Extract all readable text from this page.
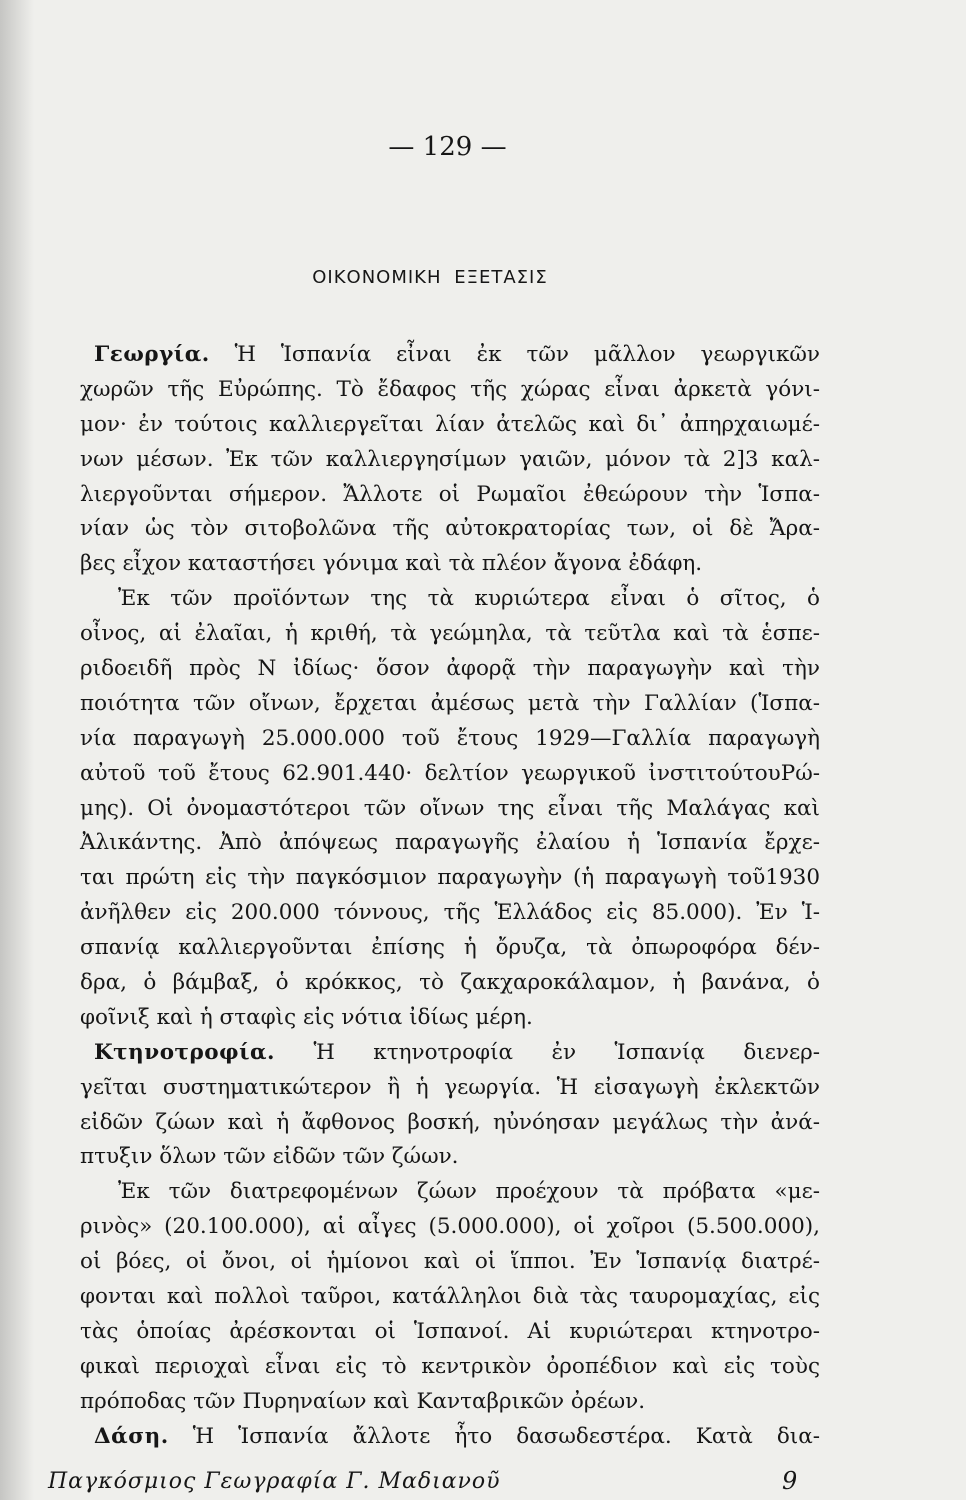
— 129 —
ΟΙΚΟΝΟΜΙΚΗ ΕΞΕΤΑΣΙΣ
Γεωργία. Ἡ Ἱσπανία εἶναι ἐκ τῶν μᾶλλον γεωργικῶν
χωρῶν τῆς Εὐρώπης. Τὸ ἔδαφος τῆς χώρας εἶναι ἀρκετὰ γόνι-
μον· ἐν τούτοις καλλιεργεῖται λίαν ἀτελῶς καὶ δι᾽ ἀπηρχαιωμέ-
νων μέσων. Ἐκ τῶν καλλιεργησίμων γαιῶν, μόνον τὰ 2]3 καλ-
λιεργοῦνται σήμερον. Ἄλλοτε οἱ Ρωμαῖοι ἐθεώρουν τὴν Ἱσπα-
νίαν ὡς τὸν σιτοβολῶνα τῆς αὐτοκρατορίας των, οἱ δὲ Ἄρα-
βες εἶχον καταστήσει γόνιμα καὶ τὰ πλέον ἄγονα ἐδάφη.
Ἐκ τῶν προϊόντων της τὰ κυριώτερα εἶναι ὁ σῖτος, ὁ
οἶνος, αἱ ἐλαῖαι, ἡ κριθή, τὰ γεώμηλα, τὰ τεῦτλα καὶ τὰ ἑσπε-
ριδοειδῆ πρὸς Ν ἰδίως· ὅσον ἀφορᾷ τὴν παραγωγὴν καὶ τὴν
ποιότητα τῶν οἴνων, ἔρχεται ἀμέσως μετὰ τὴν Γαλλίαν (Ἱσπα-
νία παραγωγὴ 25.000.000 τοῦ ἔτους 1929—Γαλλία παραγωγὴ
αὐτοῦ τοῦ ἔτους 62.901.440· δελτίον γεωργικοῦ ἰνστιτούτουΡώ-
μης). Οἱ ὀνομαστότεροι τῶν οἴνων της εἶναι τῆς Μαλάγας καὶ
Ἀλικάντης. Ἀπὸ ἀπόψεως παραγωγῆς ἐλαίου ἡ Ἱσπανία ἔρχε-
ται πρώτη εἰς τὴν παγκόσμιον παραγωγὴν (ἡ παραγωγὴ τοῦ1930
ἀνῆλθεν εἰς 200.000 τόννους, τῆς Ἑλλάδος εἰς 85.000). Ἐν Ἱ-
σπανίᾳ καλλιεργοῦνται ἐπίσης ἡ ὄρυζα, τὰ ὀπωροφόρα δέν-
δρα, ὁ βάμβαξ, ὁ κρόκκος, τὸ ζακχαροκάλαμον, ἡ βανάνα, ὁ
φοῖνιξ καὶ ἡ σταφὶς εἰς νότια ἰδίως μέρη.
Κτηνοτροφία. Ἡ κτηνοτροφία ἐν Ἱσπανίᾳ διενερ-
γεῖται συστηματικώτερον ἢ ἡ γεωργία. Ἡ εἰσαγωγὴ ἐκλεκτῶν
εἰδῶν ζώων καὶ ἡ ἄφθονος βοσκή, ηὐνόησαν μεγάλως τὴν ἀνά-
πτυξιν ὅλων τῶν εἰδῶν τῶν ζώων.
Ἐκ τῶν διατρεφομένων ζώων προέχουν τὰ πρόβατα «με-
ρινὸς» (20.100.000), αἱ αἶγες (5.000.000), οἱ χοῖροι (5.500.000),
οἱ βόες, οἱ ὄνοι, οἱ ἡμίονοι καὶ οἱ ἵπποι. Ἐν Ἱσπανίᾳ διατρέ-
φονται καὶ πολλοὶ ταῦροι, κατάλληλοι διὰ τὰς ταυρομαχίας, εἰς
τὰς ὁποίας ἀρέσκονται οἱ Ἱσπανοί. Αἱ κυριώτεραι κτηνοτρο-
φικαὶ περιοχαὶ εἶναι εἰς τὸ κεντρικὸν ὀροπέδιον καὶ εἰς τοὺς
πρόποδας τῶν Πυρηναίων καὶ Κανταβρικῶν ὀρέων.
Δάση. Ἡ Ἱσπανία ἄλλοτε ἦτο δασωδεστέρα. Κατὰ δια-
Παγκόσμιος Γεωγραφία Γ. Μαδιανοῦ	9
